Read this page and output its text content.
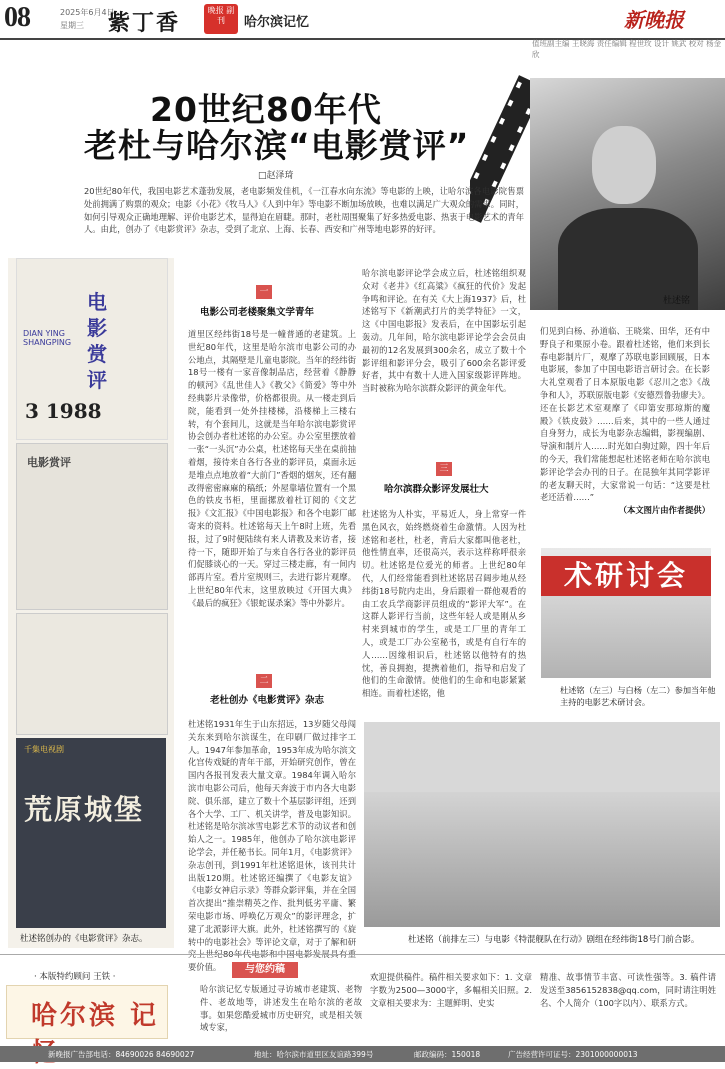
08	2025年6月4日
星期三 紫丁香	晚报 副刊	哈尔滨记忆	新晚报
值班副主编 王晓海 责任编辑 程世玫 设计 姚武 校对 杨金欣
20世纪80年代
老杜与哈尔滨“电影赏评”
□赵泽琦
杜述铭
20世纪80年代，我国电影艺术蓬勃发展，老电影频发佳机，《一江春水向东流》等电影的上映，让哈尔滨各电影院售票处前拥满了购票的观众；电影《小花》《牧马人》《人到中年》等电影不断加场放映，也难以满足广大观众的需求。同时，如何引导观众正确地理解、评价电影艺术，显得迫在眉睫。那时，老杜周围聚集了好多热爱电影、热衷于电影艺术的青年人。由此，创办了《电影赏评》杂志，受到了北京、上海、长春、西安和广州等地电影界的好评。
电影赏评
DIAN YING SHANGPING
3 1988
电影赏评
千集电视剧
荒原城堡
杜述铭创办的《电影赏评》杂志。
一
电影公司老楼聚集文学青年
道里区经纬街18号是一幢普通的老建筑。上世纪80年代，这里是哈尔滨市电影公司的办公地点，其隔壁是儿童电影院。当年的经纬街18号一楼有一家音像制品店，经营着《静静的顿河》《乱世佳人》《教父》《简爱》等中外经典影片录像带，价格都很贵。从一楼走到后院，能看到一处外挂楼梯，沿楼梯上三楼右转，有个套间儿，这就是当年哈尔滨电影赏评协会创办者杜述铭的办公室。办公室里摆放着一张“一头沉”办公桌，杜述铭每天坐在桌前抽着烟，接待来自各行各业的影评员，桌面永远是堆点点地放着“大前门”香烟的烟灰，还有翻改得密密麻麻的稿纸；外屋靠墙位置有一个黑色的铁皮书柜，里面摞放着杜订阅的《文艺报》《文汇报》《中国电影报》和各个电影厂邮寄来的资料。杜述铭每天上午8时上班，先看报，过了9时便陆续有来人请教及来访者，接待一下，随即开始了与来自各行各业的影评员们促膝谈心的一天。穿过三楼走廊，有一间内部再片室。看片室规则三，去进行影片观摩。上世纪80年代末，这里放映过《开国大典》《最后的疯狂》《银蛇谋杀案》等中外影片。
二
老杜创办《电影赏评》杂志
杜述铭1931年生于山东招远，13岁随父母闯关东来到哈尔滨谋生，在印刷厂做过排字工人。1947年参加革命，1953年成为哈尔滨文化宫传戏疑的青年干部，开始研究创作，曾在国内各报刊发表大量文章。1984年调入哈尔滨市电影公司后，他每天奔波于市内各大电影院、俱乐部，建立了数十个基层影评组，还到各个大学、工厂、机关讲学，普及电影知识。杜述铭是哈尔滨冰雪电影艺术节的动议者和创始人之一。1985年，他创办了哈尔滨电影评论学会，并任秘书长。同年1月，《电影赏评》杂志创刊，到1991年杜述铭退休，该刊共计出版120期。杜述铭还编撰了《电影友谊》《电影女神启示录》等群众影评集，并在全国首次提出“推崇精英之作、批判低劣平庸、繁荣电影市场、呼唤亿万观众”的影评理念，扩建了北派影评大旗。此外，杜述铭撰写的《旋转中的电影社会》等评论文章，对于了解和研 要价值。
哈尔滨电影评论学会成立后，杜述铭组织观众对《老井》《红高粱》《疯狂的代价》发起争鸣和评论。在有关《大上海1937》后，杜述铭写下《新潮武打片的美学特征》一文，这《中国电影报》发表后，在中国影坛引起轰动。几年间，哈尔滨电影评论学会会员由最初的12名发展到300余名，成立了数十个影评组和影评分会，吸引了600余名影评爱好者，其中有数十人进入国家级影评阵地。当时被称为哈尔滨群众影评的黄金年代。
三
哈尔滨群众影评发展壮大
杜述铭为人朴实，平易近人，身上常穿一件黑色风衣，始终燃烧着生命激情。人因为杜述铭和老杜，杜老，背后大家都叫他老杜，他性情直率，还很高兴，表示这样称呼很亲切。杜述铭是位爱光的师者。上世纪80年代，人们经常能看到杜述铭居召阔步地从经纬街18号院内走出，身后跟着一群他观看的由工农兵学商影评员组成的“影评大军”。在这群人影评行当前，这些年轻人或是刚从乡村来到城市的学生，或是工厂里的青年工人，或是工厂办公室秘书，或是有自行车的人……因缘相识后，杜述铭以他特有的热忱，善良拥抱，提携着他们，指导和启发了他们的生命激情。使他们的生命和电影紧紧相连。而着杜述铭，他
们见到白杨、孙道临、王晓棠、田华，还有中野良子和栗原小卷。跟着杜述铭，他们来到长春电影制片厂，观摩了苏联电影回顾展，日本电影展，参加了中国电影语言研讨会。在长影大礼堂观看了日本原版电影《忍川之恋》《战争和人》，苏联原版电影《安德烈鲁勃廖夫》。还在长影艺术室观摩了《印第安那琼斯的魔殿》《铁皮鼓》……后来，其中的一些人通过自身努力，成长为电影杂志编辑，影视编剧、导演和制片人……时光如白驹过隙，四十年后的今天，我们常能想起杜述铭老师在哈尔滨电影评论学会办刊的日子。在昆独年其同学影评的老友聊天时，大家常说一句话：“这要是杜老还活着……”
（本文图片由作者提供）
术研讨会
杜述铭（左三）与白杨（左二）参加当年他主持的电影艺术研讨会。
杜述铭（前排左三）与电影《特混舰队在行动》剧组在经纬街18号门前合影。
· 本版特约顾问 王铁 ·
哈尔滨 记
与您约稿
哈尔滨记忆专版通过寻访城市老建筑、老物件、老故地等，讲述发生在哈尔滨的老故事。如果您酷爱城市历史研究，或是相关领域专家，
欢迎提供稿件。稿件相关要求如下：1. 文章字数为2500—3000字，多幅相关旧照。2.文章相关要求为：主题鲜明、史实
精准、故事情节丰富、可读性强等。3. 稿件请发送至3856152838@qq.com，同时请注明姓名、个人简介（100字以内）、联系方式。
新晚报广告部电话：84690026 84690027	地址：哈尔滨市道里区友谊路399号	邮政编码：150018	广告经营许可证号：2301000000013
